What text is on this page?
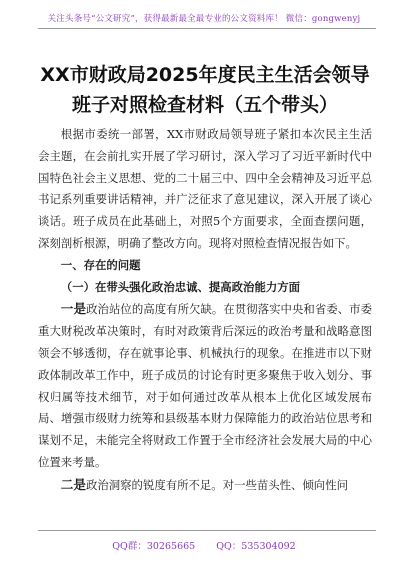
关注头条号“公文研究”，获得最新最全最专业的公文资料库！ 微信：gongwenyj
XX市财政局2025年度民主生活会领导班子对照检查材料（五个带头）

根据市委统一部署，XX市财政局领导班子紧扣本次民主生活会主题，在会前扎实开展了学习研讨，深入学习了习近平新时代中国特色社会主义思想、党的二十届三中、四中全会精神及习近平总书记系列重要讲话精神，并广泛征求了意见建议，深入开展了谈心谈话。班子成员在此基础上，对照5个方面要求，全面查摆问题，深刻剖析根源，明确了整改方向。现将对照检查情况报告如下。

一、存在的问题

（一）在带头强化政治忠诚、提高政治能力方面

一是政治站位的高度有所欠缺。在贯彻落实中央和省委、市委重大财税改革决策时，有时对政策背后深远的政治考量和战略意图领会不够透彻，存在就事论事、机械执行的现象。在推进市以下财政体制改革工作中，班子成员的讨论有时更多聚焦于收入划分、事权归属等技术细节，对于如何通过改革从根本上优化区域发展布局、增强市级财力统筹和县级基本财力保障能力的政治站位思考和谋划不足，未能完全将财政工作置于全市经济社会发展大局的中心位置来考量。

二是政治洞察的锐度有所不足。对一些苗头性、倾向性问

QQ群：30265665 QQ：535304092
